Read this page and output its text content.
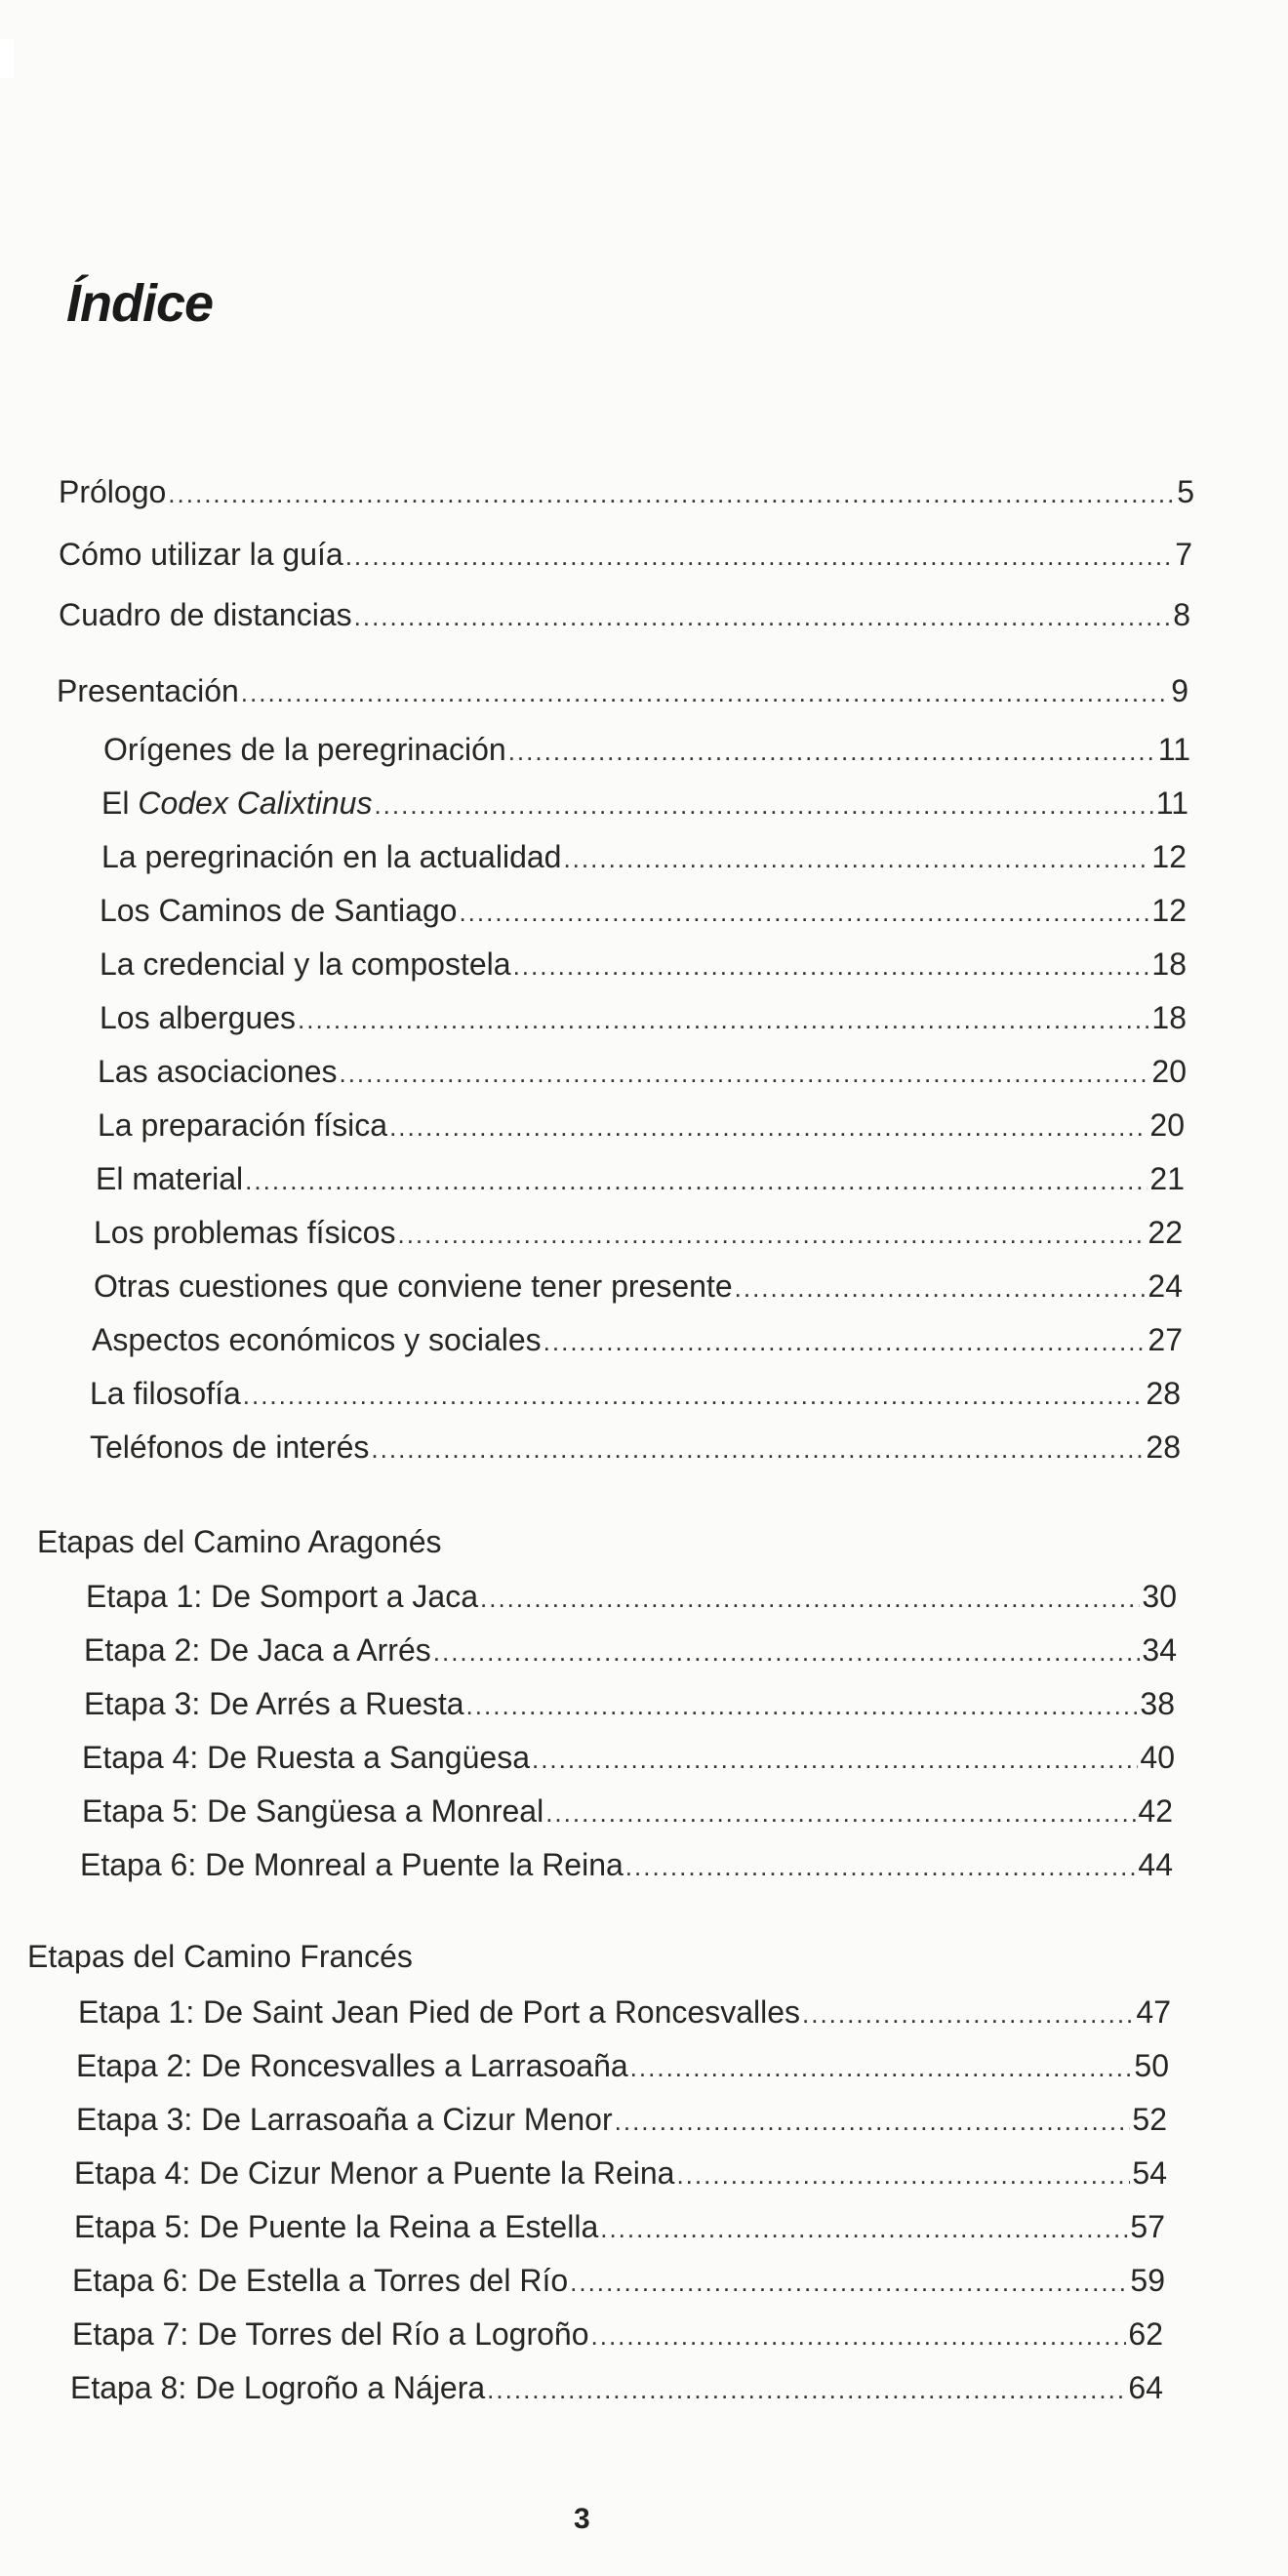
Índice
Prólogo .....	5
Cómo utilizar la guía .....	7
Cuadro de distancias .....	8
Presentación .....	9
Orígenes de la peregrinación .....	11
El Codex Calixtinus .....	11
La peregrinación en la actualidad .....	12
Los Caminos de Santiago .....	12
La credencial y la compostela .....	18
Los albergues .....	18
Las asociaciones .....	20
La preparación física .....	20
El material .....	21
Los problemas físicos .....	22
Otras cuestiones que conviene tener presente .....	24
Aspectos económicos y sociales .....	27
La filosofía .....	28
Teléfonos de interés .....	28
Etapas del Camino Aragonés
Etapa 1: De Somport a Jaca .....	30
Etapa 2: De Jaca a Arrés .....	34
Etapa 3: De Arrés a Ruesta .....	38
Etapa 4: De Ruesta a Sangüesa .....	40
Etapa 5: De Sangüesa a Monreal .....	42
Etapa 6: De Monreal a Puente la Reina .....	44
Etapas del Camino Francés
Etapa 1: De Saint Jean Pied de Port a Roncesvalles .....	47
Etapa 2: De Roncesvalles a Larrasoaña .....	50
Etapa 3: De Larrasoaña a Cizur Menor .....	52
Etapa 4: De Cizur Menor a Puente la Reina .....	54
Etapa 5: De Puente la Reina a Estella .....	57
Etapa 6: De Estella a Torres del Río .....	59
Etapa 7: De Torres del Río a Logroño .....	62
Etapa 8: De Logroño a Nájera .....	64
3
